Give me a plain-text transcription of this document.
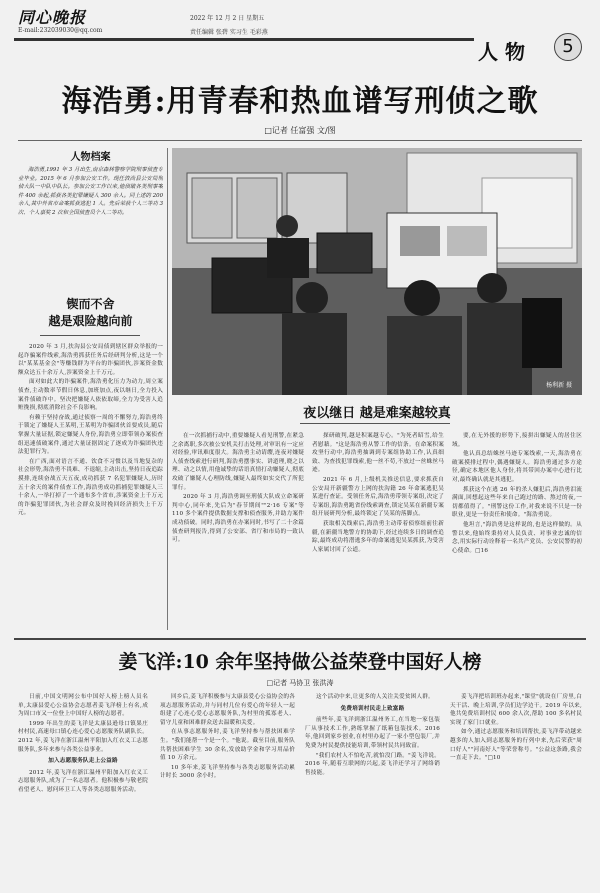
同心晚报
E-mail:232039030@qq.com
2022 年 12 月 2 日 星期五
责任编辑 张碧 实习生 毛彩燕
人 物	5
海浩勇:用青春和热血谱写刑侦之歌
□记者 任富强 文/图
人物档案
海浩勇,1991 年 3 月出生,南京森林警察学院刑事侦查专业毕业。2015 年 6 月参加公安工作。现任敦尚县公安局刑侦大队一中队中队长。参加公安工作以来,他侦破各类刑事案件 400 余起,抓获各类犯罪嫌疑人 300 余人。同上述的 200 余人,其中外省市命案抓获逃犯 1 人。先后荣获个人三等功 3 次、个人嘉奖 2 次和全国侦查员个人二等功。
锲而不舍
越是艰险越向前

2020 年 3 月,扶沟县公安局侦到辖区群众举报的一起诈骗案件线索,海浩勇抓获任务后经研判分析,这是一个以"某某基金会"等赚钱群为平台的诈骗团伙,涉案资金数额众达五十余万人,涉案资金上千万元。

面对如此大的诈骗案件,海浩勇化压力为动力,周立案侦查,主动数率节假日休息,加班加点,夜以继日,全力投入案件侦破诈中。坚决把嫌疑人依依取缔,全力为受害人追赃挽损,彻底消除社会不良影响。

有赖于坚持奋战,通过侦察一周的不懈努力,海浩勇终于锁定了嫌疑人王某明,王某明为诈骗团伙首要成员,随后掌握大量证据,锁定嫌疑人身份,海浩勇立即带领办案侦查组迅速侦破案件,通过大量证据固定了逐成为诈骗团伙违法犯罪行为。

在广西,面对语言不通、饮食不习惯以及当地复杂的社会形势,海浩勇不畏难、不退缩,主动出击,坚持日夜追踪摸排,连续奋战五天五夜,成功抓获 7 名犯罪嫌疑人,历时五十余天的案件侦查工作,海浩勇成功抓捕犯罪嫌疑人三十余人,一举打掉了一个通布多个省市,涉案资金上千万元的诈骗犯罪团伙,为社会群众及时挽回经济损失上千万元。

杨利新 摄
夜以继日 越是难案越较真

在一次抓捕行动中,重要嫌疑人看见刑警,在紧急之余离职,多次被公安机关打击处理,对审讯有一定应对经验,审讯难度很大。海浩勇主动请缨,连夜对嫌疑人侦查线索进行研判,海浩勇摆事实、讲道理,晓之以理、动之以情,用他诚挚的话语真情打动嫌疑人,彻底攻破了嫌疑人心理防线,嫌疑人最终如实交代了所犯罪行。

2020 年 3 月,海浩勇调至刑侦大队成立命案研判中心,同年来,先后为"春节期间""2·16 专案"等 110 多个案件提供数据支撑和侦查服务,并助力案件成功侦破。同时,海浩勇在办案同时,书写了二十余篇侦查研判报告,得到了公安部、省厅和市局的一致认可。

探研破判,越是积案越专心。"为死者昭雪,给生者慰藉。"这是海浩勇从警工作的信条。在命案积案攻坚行动中,海浩勇抽调到专案组协助工作,认真细致、为查找犯罪线索,他一丝不苟,不放过一丝蛛丝马迹。

2021 年 6 月,上级机关推送信息,要求抓获自公安局开新疆警方上网的扶沟籍 26 年命案逃犯吴某进行查证。受领任务后,海浩勇带领专案组,决定了专案组,海浩勇跑省份线索调查,锁定吴某在新疆专案组开展研判分析,最终锁定了吴某的落脚点。

获取相关线索后,海浩勇主动带着侦察组前往新疆,在新疆当地警方的协助下,经过连续多日的调查追踪,最终成功将潜逃多年的命案逃犯吴某抓获,为受害人家属讨回了公道。

要,在无外援的形势下,接拼出嫌疑人的居住区域。

他认真总结蛛丝马迹专案线索,一天,海浩勇在破案摸排过程中,偶遇嫌疑人。海浩勇通过多方途径,确定本地区他人身份,将其带回办案中心进行比对,最终确认就是其逃犯。

抓获这个在逃 26 年的杀人嫌犯后,海浩勇泪流满面,回想起这些年来自己跑过的路、熬过的夜,一切都值得了。"刑警这份工作,对我来说不只是一份职业,更是一份责任和使命。"海浩勇说。

他坦言,"海浩勇是这样说的,也是这样做的。从警以来,他始终秉持对人民负责、对事业忠诚的信念,用实际行动诠释着一名共产党员、公安民警的初心使命。□16

姜飞洋:10 余年坚持做公益荣登中国好人榜
□记者 马协卫 张洪涛

日前,中国文明网公布中国好人榜上榜人员名单,太康县爱心公益协会志愿者姜飞洋榜上有名,成为周口市又一位登上中国好人榜的志愿者。

1999 年出生的姜飞洋是太康县逊母口镇果庄村村民,高速母口镇心连心爱心志愿服务队副队长。2012 年,姜飞洋在浙江温州平阳加入红衣义工志愿服务队,多年来参与各类公益事业。

加入志愿服务队走上公益路

2012 年,姜飞洋在浙江温州平阳加入红衣义工志愿服务队,成为了一名志愿者。他积极参与敬老院看望老人、慰问环卫工人等各类志愿服务活动。

回乡后,姜飞洋积极参与太康县爱心公益协会的各项志愿服务活动,并与同村几位有爱心的年轻人一起组建了心连心爱心志愿服务队,为村里的孤寡老人、留守儿童和困难群众送去温暖和关爱。

在从事志愿服务时,姜飞洋坚持参与帮扶困难学生。"我们能帮一个是一个。"他说。截至目前,服务队共帮扶困难学生 30 余名,发放助学金和学习用品价值 10 万余元。

10 多年来,姜飞洋坚持参与各类志愿服务活动累计时长 3000 余小时。

这个活动中来,让更多的人关注关爱贫困人群。

免费培训村民走上致富路

前些年,姜飞洋到浙江温州务工,在当地一家包装厂从事技术工作,熟练掌握了纸箱包装技术。2016 年,他回到家乡创业,在村里办起了一家小型包装厂,并免费为村民提供技能培训,带领村民共同致富。

"我们农村人不怕吃苦,就怕没门路。"姜飞洋说。2016 年,随着互联网的兴起,姜飞洋还学习了网络销售技能。

姜飞洋把培训班办起来,"课堂"就设在厂房里,白天干活、晚上培训,学员们边学边干。2019 年以来,他共免费培训村民 600 余人次,帮助 100 多名村民实现了家门口就业。

如今,通过志愿服务和培训帮扶,姜飞洋带动越来越多的人加入到志愿服务的行列中来,先后荣获"周口好人""河南好人"等荣誉称号。"公益这条路,我会一直走下去。"□10
